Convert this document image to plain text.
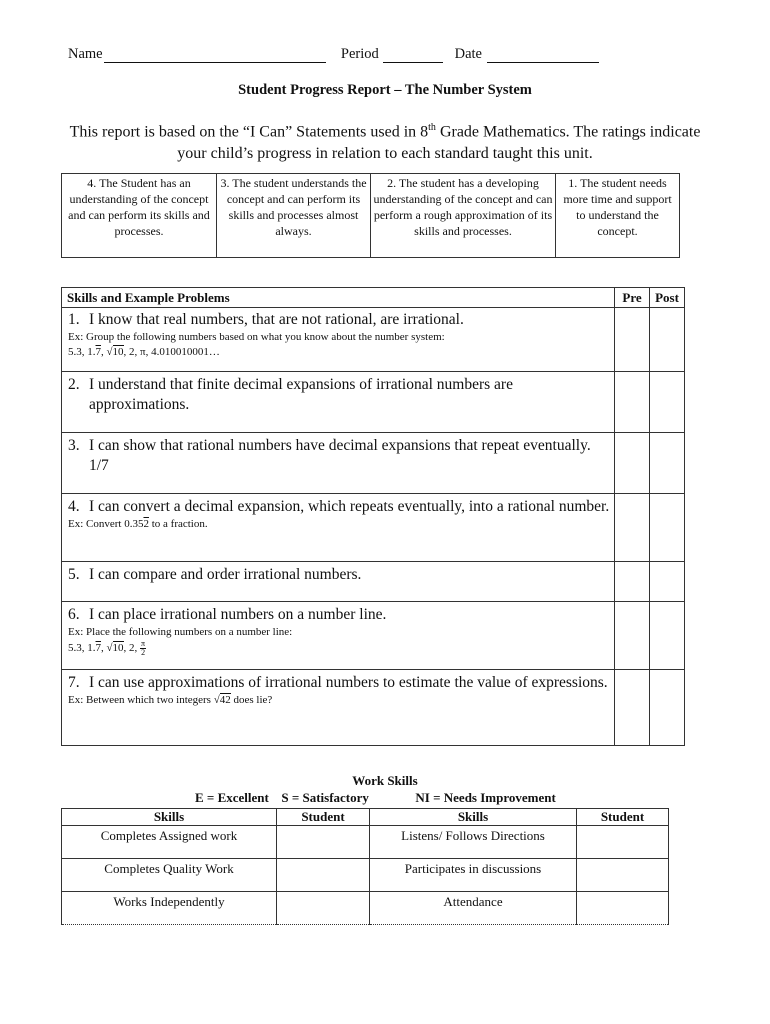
Name	Period	Date
Student Progress Report – The Number System
This report is based on the “I Can” Statements used in 8th Grade Mathematics. The ratings indicate your child’s progress in relation to each standard taught this unit.
4. The Student has an understanding of the concept and can perform its skills and processes.	3. The student understands the concept and can perform its skills and processes almost always.	2. The student has a developing understanding of the concept and can perform a rough approximation of its skills and processes.	1. The student needs more time and support to understand the concept.
Skills and Example Problems	Pre	Post

1. I know that real numbers, that are not rational, are irrational.
Ex: Group the following numbers based on what you know about the number system:
5.3, 1.7, √10, 2, π, 4.010010001…		

2. I understand that finite decimal expansions of irrational numbers are approximations.		

3. I can show that rational numbers have decimal expansions that repeat eventually. 1/7		

4. I can convert a decimal expansion, which repeats eventually, into a rational number.
Ex: Convert 0.352 to a fraction.		

5. I can compare and order irrational numbers.		

6. I can place irrational numbers on a number line.
Ex: Place the following numbers on a number line:
5.3, 1.7, √10, 2, $\frac{\pi}{2}$

7. I can use approximations of irrational numbers to estimate the value of expressions.
Ex: Between which two integers √42 does lie?		

Work Skills
E = Excellent S = Satisfactory	NI = Needs Improvement
Skills	Student	Skills	Student
Completes Assigned work		Listens/ Follows Directions	
Completes Quality Work		Participates in discussions	
Works Independently		Attendance	
